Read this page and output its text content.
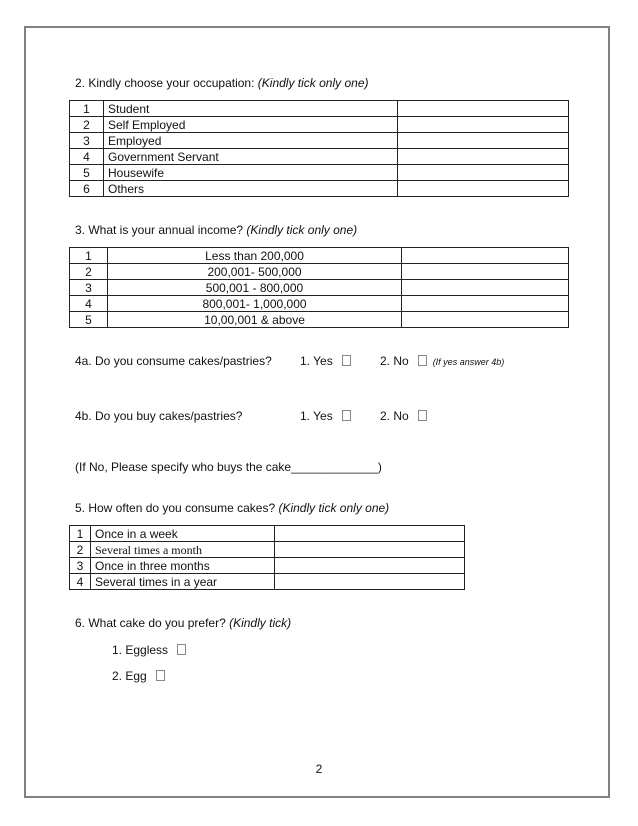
2. Kindly choose your occupation: (Kindly tick only one)
1	Student	
2	Self Employed	
3	Employed	
4	Government Servant	
5	Housewife	
6	Others	
3. What is your annual income? (Kindly tick only one)
1	Less than 200,000	
2	200,001- 500,000	
3	500,001 - 800,000	
4	800,001- 1,000,000	
5	10,00,001 & above	
4a. Do you consume cakes/pastries? 1. Yes	2. No	(If yes answer 4b)
4b. Do you buy cakes/pastries?	1. Yes	2. No
(If No, Please specify who buys the cake_____________)
5. How often do you consume cakes? (Kindly tick only one)
1	Once in a week	
2	Several times a month	
3	Once in three months	
4	Several times in a year	
6. What cake do you prefer? (Kindly tick)
1. Eggless
2. Egg
2
